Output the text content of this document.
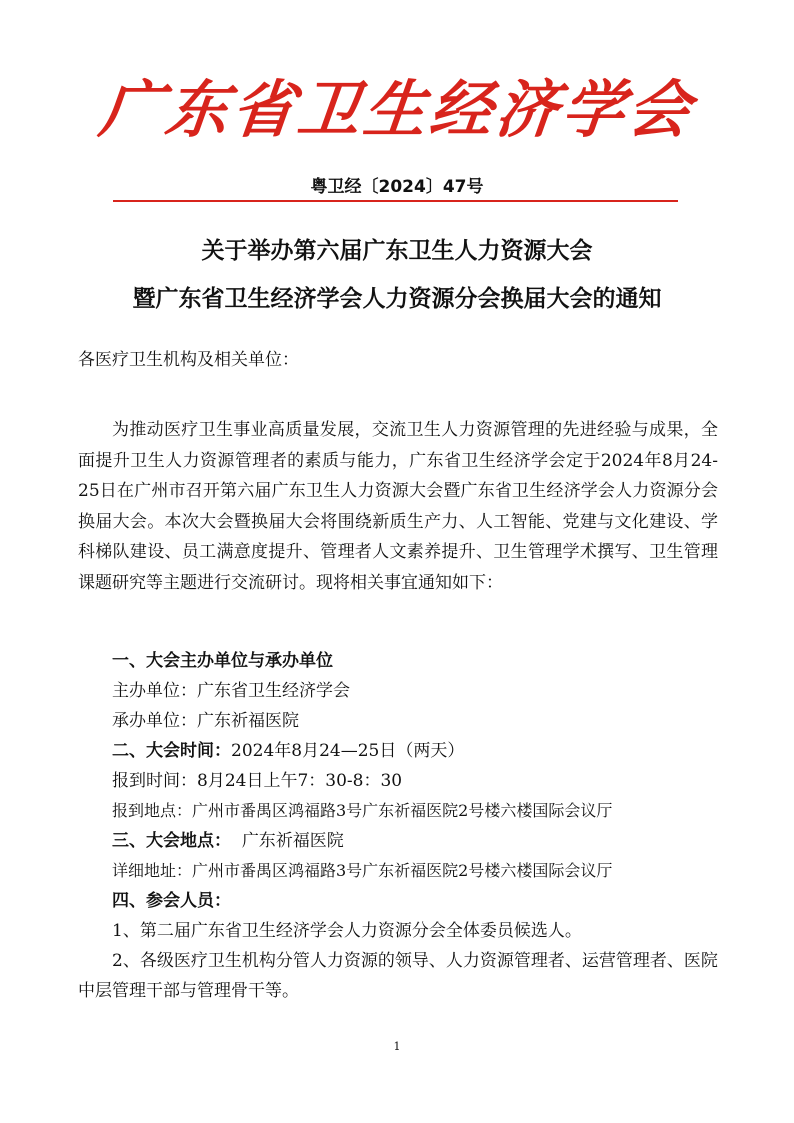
广东省卫生经济学会
粤卫经〔2024〕47号
关于举办第六届广东卫生人力资源大会
暨广东省卫生经济学会人力资源分会换届大会的通知
各医疗卫生机构及相关单位：

为推动医疗卫生事业高质量发展，交流卫生人力资源管理的先进经验与成果，全面提升卫生人力资源管理者的素质与能力，广东省卫生经济学会定于2024年8月24-25日在广州市召开第六届广东卫生人力资源大会暨广东省卫生经济学会人力资源分会换届大会。本次大会暨换届大会将围绕新质生产力、人工智能、党建与文化建设、学科梯队建设、员工满意度提升、管理者人文素养提升、卫生管理学术撰写、卫生管理课题研究等主题进行交流研讨。现将相关事宜通知如下：

一、大会主办单位与承办单位
主办单位：广东省卫生经济学会
承办单位：广东祈福医院
二、大会时间：2024年8月24—25日（两天）
报到时间：8月24日上午7：30-8：30
报到地点：广州市番禺区鸿福路3号广东祈福医院2号楼六楼国际会议厅
三、大会地点： 广东祈福医院
详细地址：广州市番禺区鸿福路3号广东祈福医院2号楼六楼国际会议厅
四、参会人员：
1、第二届广东省卫生经济学会人力资源分会全体委员候选人。
2、各级医疗卫生机构分管人力资源的领导、人力资源管理者、运营管理者、医院中层管理干部与管理骨干等。
1
